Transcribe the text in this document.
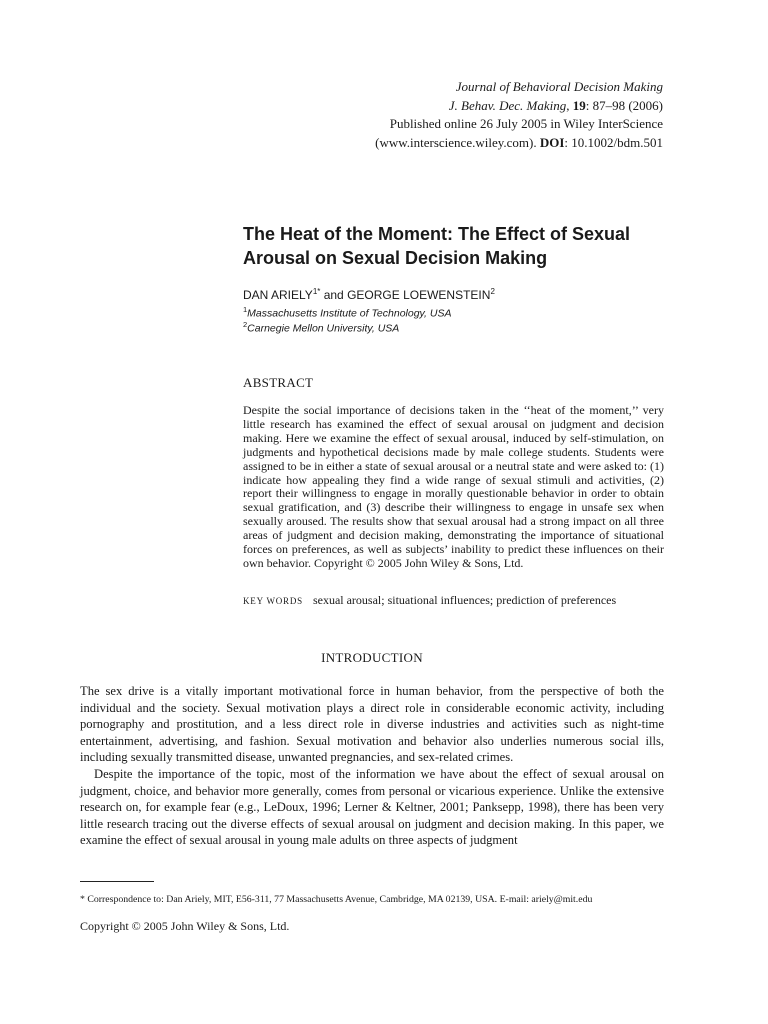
Journal of Behavioral Decision Making
J. Behav. Dec. Making, 19: 87–98 (2006)
Published online 26 July 2005 in Wiley InterScience
(www.interscience.wiley.com). DOI: 10.1002/bdm.501
The Heat of the Moment: The Effect of Sexual Arousal on Sexual Decision Making
DAN $ARIELY^{1*}$ and GEORGE LOEWENSTEIN$^2$
$^1$Massachusetts Institute of Technology, USA
$^2$Carnegie Mellon University, USA
ABSTRACT

Despite the social importance of decisions taken in the ‘‘heat of the moment,’’ very little research has examined the effect of sexual arousal on judgment and decision making. Here we examine the effect of sexual arousal, induced by self-stimulation, on judgments and hypothetical decisions made by male college students. Students were assigned to be in either a state of sexual arousal or a neutral state and were asked to: (1) indicate how appealing they find a wide range of sexual stimuli and activities, (2) report their willingness to engage in morally questionable behavior in order to obtain sexual gratification, and (3) describe their willingness to engage in unsafe sex when sexually aroused. The results show that sexual arousal had a strong impact on all three areas of judgment and decision making, demonstrating the importance of situational forces on preferences, as well as subjects’ inability to predict these influences on their own behavior. Copyright © 2005 John Wiley & Sons, Ltd.

KEY WORDS sexual arousal; situational influences; prediction of preferences
INTRODUCTION

The sex drive is a vitally important motivational force in human behavior, from the perspective of both the individual and the society. Sexual motivation plays a direct role in considerable economic activity, including pornography and prostitution, and a less direct role in diverse industries and activities such as night-time entertainment, advertising, and fashion. Sexual motivation and behavior also underlies numerous social ills, including sexually transmitted disease, unwanted pregnancies, and sex-related crimes.

Despite the importance of the topic, most of the information we have about the effect of sexual arousal on judgment, choice, and behavior more generally, comes from personal or vicarious experience. Unlike the extensive research on, for example fear (e.g., LeDoux, 1996; Lerner & Keltner, 2001; Panksepp, 1998), there has been very little research tracing out the diverse effects of sexual arousal on judgment and decision making. In this paper, we examine the effect of sexual arousal in young male adults on three aspects of judgment

* Correspondence to: Dan Ariely, MIT, E56-311, 77 Massachusetts Avenue, Cambridge, MA 02139, USA. E-mail: ariely@mit.edu
Copyright © 2005 John Wiley & Sons, Ltd.
